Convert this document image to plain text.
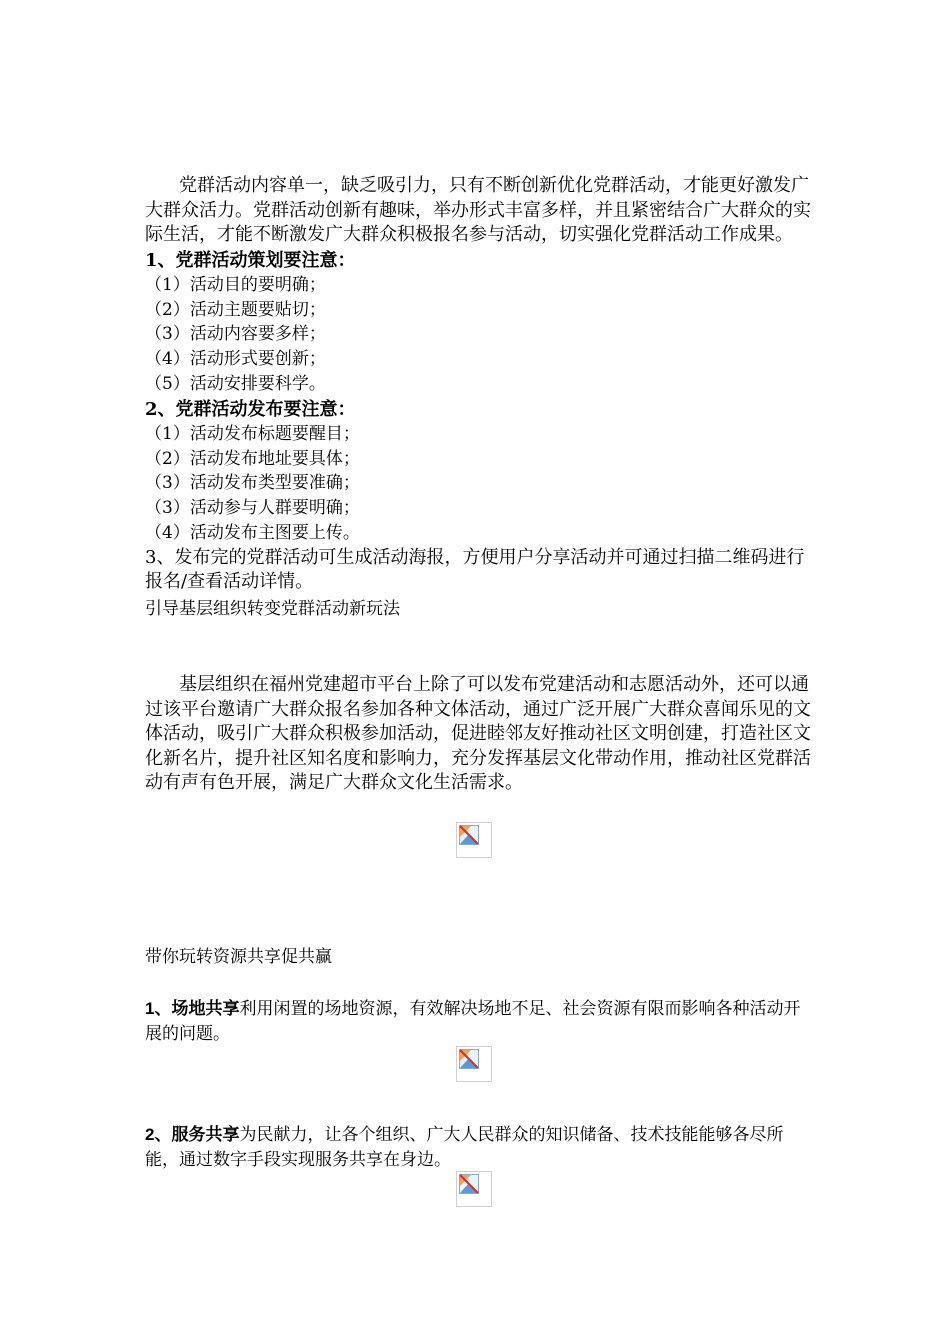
党群活动内容单一，缺乏吸引力，只有不断创新优化党群活动，才能更好激发广大群众活力。党群活动创新有趣味，举办形式丰富多样，并且紧密结合广大群众的实际生活，才能不断激发广大群众积极报名参与活动，切实强化党群活动工作成果。

1、党群活动策划要注意：

（1）活动目的要明确；

（2）活动主题要贴切；

（3）活动内容要多样；

（4）活动形式要创新；

（5）活动安排要科学。

2、党群活动发布要注意：

（1）活动发布标题要醒目；

（2）活动发布地址要具体；

（3）活动发布类型要准确；

（3）活动参与人群要明确；

（4）活动发布主图要上传。

3、发布完的党群活动可生成活动海报，方便用户分享活动并可通过扫描二维码进行报名/查看活动详情。

引导基层组织转变党群活动新玩法

基层组织在福州党建超市平台上除了可以发布党建活动和志愿活动外，还可以通过该平台邀请广大群众报名参加各种文体活动，通过广泛开展广大群众喜闻乐见的文体活动，吸引广大群众积极参加活动，促进睦邻友好推动社区文明创建，打造社区文化新名片，提升社区知名度和影响力，充分发挥基层文化带动作用，推动社区党群活动有声有色开展，满足广大群众文化生活需求。

带你玩转资源共享促共赢

1、场地共享利用闲置的场地资源，有效解决场地不足、社会资源有限而影响各种活动开展的问题。

2、服务共享为民献力，让各个组织、广大人民群众的知识储备、技术技能能够各尽所能，通过数字手段实现服务共享在身边。
